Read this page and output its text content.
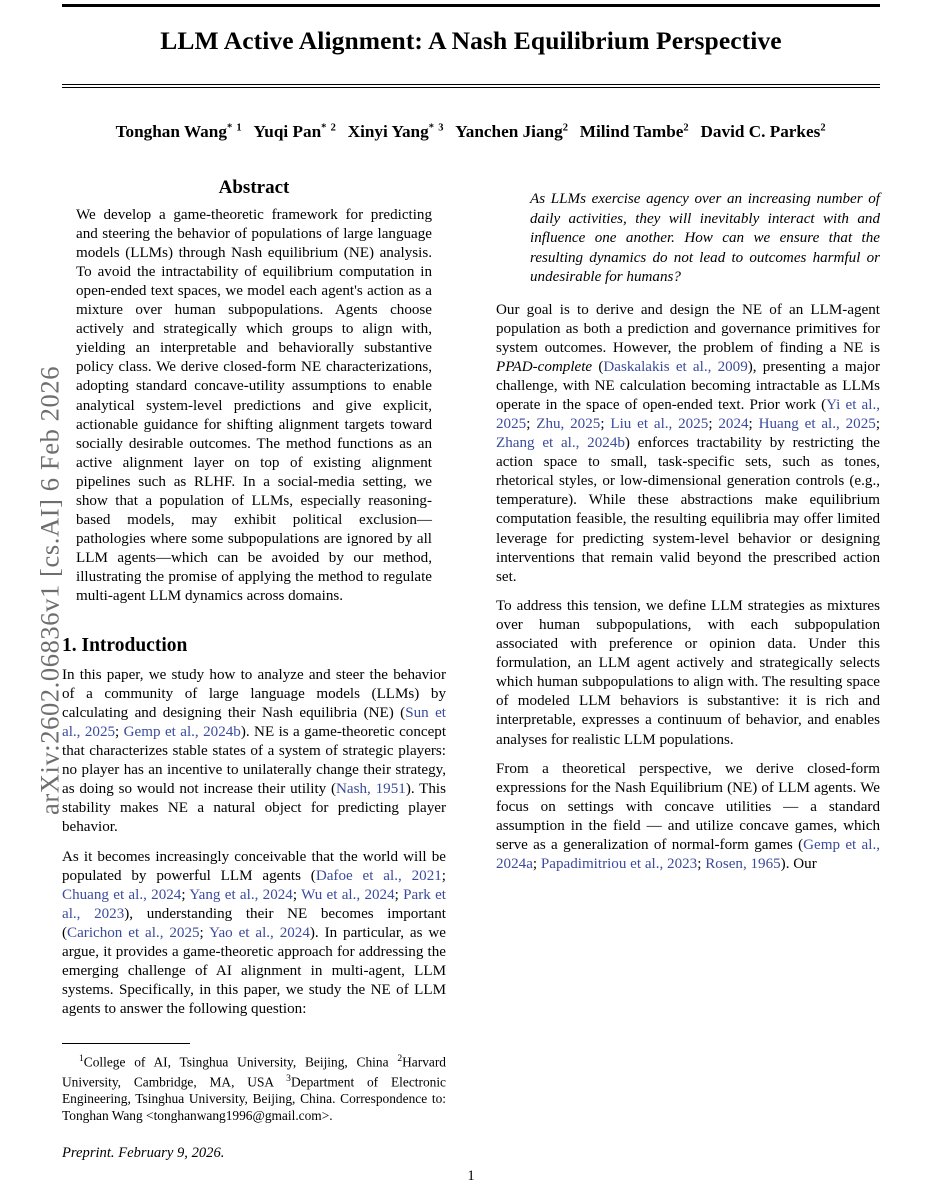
arXiv:2602.06836v1 [cs.AI] 6 Feb 2026
LLM Active Alignment: A Nash Equilibrium Perspective
Tonghan Wang$^{* 1}$ Yuqi Pan$^{* 2}$ Xinyi Yang$^{* 3}$ Yanchen Jiang$^2$ Milind Tambe$^2$ David C. Parkes$^2$
Abstract
We develop a game-theoretic framework for predicting and steering the behavior of populations of large language models (LLMs) through Nash equilibrium (NE) analysis. To avoid the intractability of equilibrium computation in open-ended text spaces, we model each agent's action as a mixture over human subpopulations. Agents choose actively and strategically which groups to align with, yielding an interpretable and behaviorally substantive policy class. We derive closed-form NE characterizations, adopting standard concave-utility assumptions to enable analytical system-level predictions and give explicit, actionable guidance for shifting alignment targets toward socially desirable outcomes. The method functions as an active alignment layer on top of existing alignment pipelines such as RLHF. In a social-media setting, we show that a population of LLMs, especially reasoning-based models, may exhibit political exclusion—pathologies where some subpopulations are ignored by all LLM agents—which can be avoided by our method, illustrating the promise of applying the method to regulate multi-agent LLM dynamics across domains.
1. Introduction

In this paper, we study how to analyze and steer the behavior of a community of large language models (LLMs) by calculating and designing their Nash equilibria (NE) (Sun et al., 2025; Gemp et al., 2024b). NE is a game-theoretic concept that characterizes stable states of a system of strategic players: no player has an incentive to unilaterally change their strategy, as doing so would not increase their utility (Nash, 1951). This stability makes NE a natural object for predicting player behavior.

As it becomes increasingly conceivable that the world will be populated by powerful LLM agents (Dafoe et al., 2021; Chuang et al., 2024; Yang et al., 2024; Wu et al., 2024; Park et al., 2023), understanding their NE becomes important (Carichon et al., 2025; Yao et al., 2024). In particular, as we argue, it provides a game-theoretic approach for addressing the emerging challenge of AI alignment in multi-agent, LLM systems. Specifically, in this paper, we study the NE of LLM agents to answer the following question:

As LLMs exercise agency over an increasing number of daily activities, they will inevitably interact with and influence one another. How can we ensure that the resulting dynamics do not lead to outcomes harmful or undesirable for humans?

Our goal is to derive and design the NE of an LLM-agent population as both a prediction and governance primitives for system outcomes. However, the problem of finding a NE is PPAD-complete (Daskalakis et al., 2009), presenting a major challenge, with NE calculation becoming intractable as LLMs operate in the space of open-ended text. Prior work (Yi et al., 2025; Zhu, 2025; Liu et al., 2025; 2024; Huang et al., 2025; Zhang et al., 2024b) enforces tractability by restricting the action space to small, task-specific sets, such as tones, rhetorical styles, or low-dimensional generation controls (e.g., temperature). While these abstractions make equilibrium computation feasible, the resulting equilibria may offer limited leverage for predicting system-level behavior or designing interventions that remain valid beyond the prescribed action set.

To address this tension, we define LLM strategies as mixtures over human subpopulations, with each subpopulation associated with preference or opinion data. Under this formulation, an LLM agent actively and strategically selects which human subpopulations to align with. The resulting space of modeled LLM behaviors is substantive: it is rich and interpretable, expresses a continuum of behavior, and enables analyses for realistic LLM populations.

From a theoretical perspective, we derive closed-form expressions for the Nash Equilibrium (NE) of LLM agents. We focus on settings with concave utilities — a standard assumption in the field — and utilize concave games, which serve as a generalization of normal-form games (Gemp et al., 2024a; Papadimitriou et al., 2023; Rosen, 1965). Our

$^1$College of AI, Tsinghua University, Beijing, China $^2$Harvard University, Cambridge, MA, USA $^3$Department of Electronic Engineering, Tsinghua University, Beijing, China. Correspondence to: Tonghan Wang <tonghanwang1996@gmail.com>.
Preprint. February 9, 2026.
1
